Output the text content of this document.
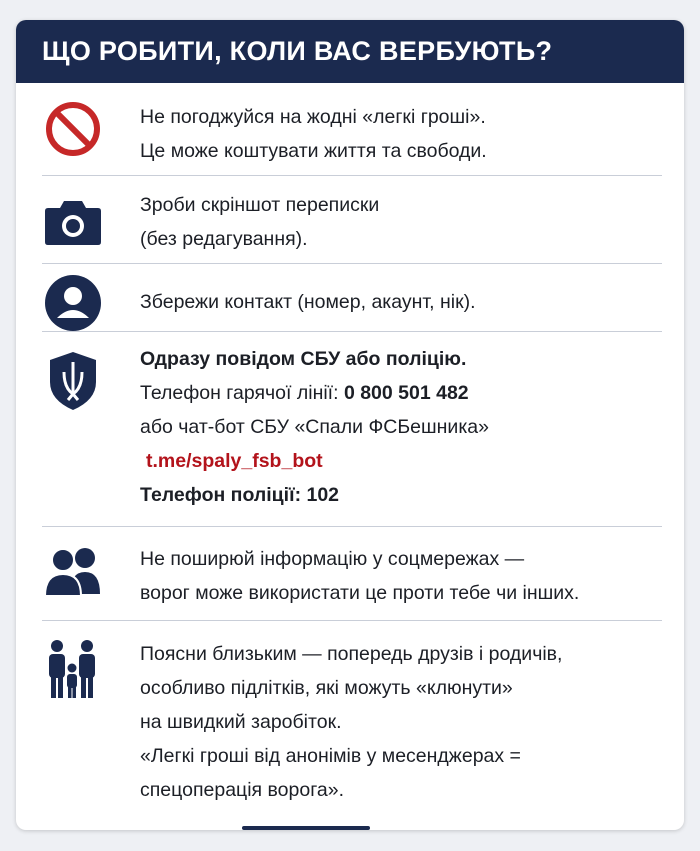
ЩО РОБИТИ, КОЛИ ВАС ВЕРБУЮТЬ?
Не погоджуйся на жодні «легкі гроші».
Це може коштувати життя та свободи.
Зроби скріншот переписки
(без редагування).
Збережи контакт (номер, акаунт, нік).
Одразу повідом СБУ або поліцію.
Телефон гарячої лінії: 0 800 501 482
або чат-бот СБУ «Спали ФСБешника»
t.me/spaly_fsb_bot
Телефон поліції: 102
Не поширюй інформацію у соцмережах —
ворог може використати це проти тебе чи інших.
Поясни близьким — попередь друзів і родичів,
особливо підлітків, які можуть «клюнути»
на швидкий заробіток.
«Легкі гроші від анонімів у месенджерах =
спецоперація ворога».
